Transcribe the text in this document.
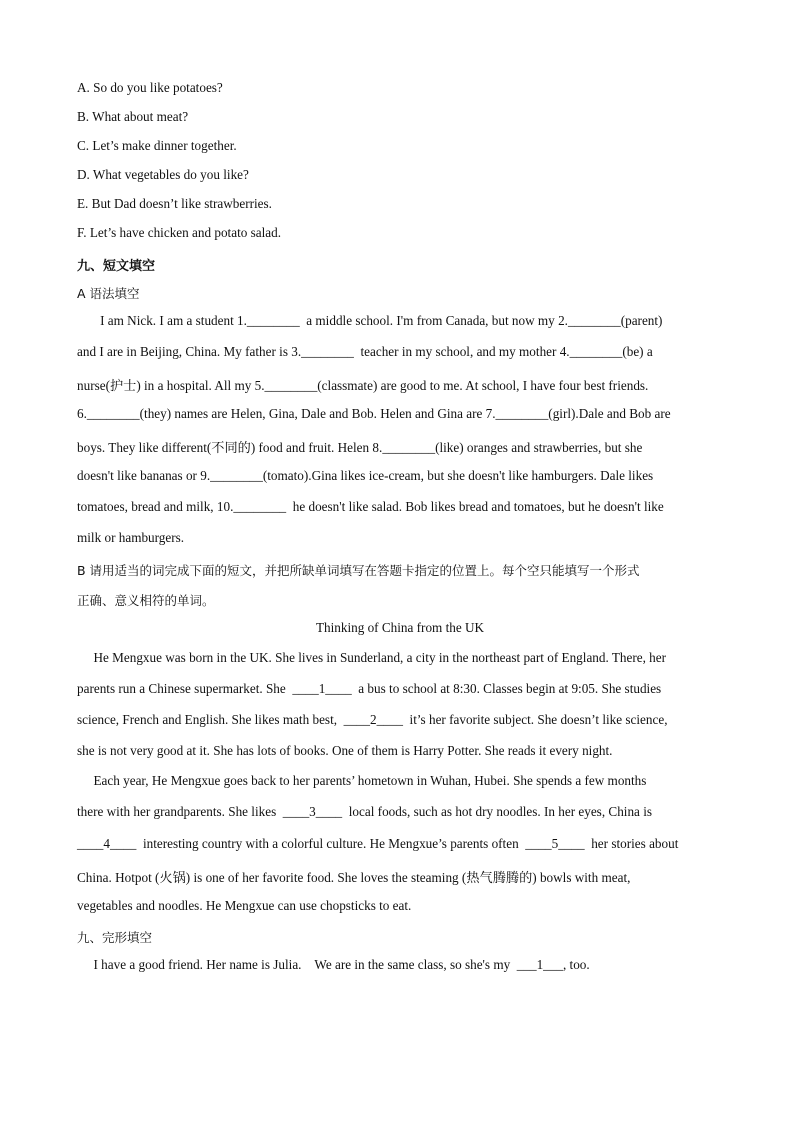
A. So do you like potatoes?
B. What about meat?
C. Let’s make dinner together.
D. What vegetables do you like?
E. But Dad doesn’t like strawberries.
F. Let’s have chicken and potato salad.
九、短文填空
A 语法填空
I am Nick. I am a student 1.________  a middle school. I'm from Canada, but now my 2.________(parent)
and I are in Beijing, China. My father is 3.________  teacher in my school, and my mother 4.________(be) a
nurse(护士) in a hospital. All my 5.________(classmate) are good to me. At school, I have four best friends.
6.________(they) names are Helen, Gina, Dale and Bob. Helen and Gina are 7.________(girl).Dale and Bob are
boys. They like different(不同的) food and fruit. Helen 8.________(like) oranges and strawberries, but she
doesn't like bananas or 9.________(tomato).Gina likes ice-cream, but she doesn't like hamburgers. Dale likes
tomatoes, bread and milk, 10.________  he doesn't like salad. Bob likes bread and tomatoes, but he doesn't like
milk or hamburgers.
B 请用适当的词完成下面的短文，并把所缺单词填写在答题卡指定的位置上。每个空只能填写一个形式
正确、意义相符的单词。
Thinking of China from the UK
He Mengxue was born in the UK. She lives in Sunderland, a city in the northeast part of England. There, her
parents run a Chinese supermarket. She  ____1____  a bus to school at 8:30. Classes begin at 9:05. She studies
science, French and English. She likes math best,  ____2____  it’s her favorite subject. She doesn’t like science,
she is not very good at it. She has lots of books. One of them is Harry Potter. She reads it every night.
Each year, He Mengxue goes back to her parents’ hometown in Wuhan, Hubei. She spends a few months
there with her grandparents. She likes  ____3____  local foods, such as hot dry noodles. In her eyes, China is
____4____  interesting country with a colorful culture. He Mengxue’s parents often  ____5____  her stories about
China. Hotpot (火锅) is one of her favorite food. She loves the steaming (热气腾腾的) bowls with meat,
vegetables and noodles. He Mengxue can use chopsticks to eat.
九、完形填空
I have a good friend. Her name is Julia.    We are in the same class, so she's my  ___1___, too.
